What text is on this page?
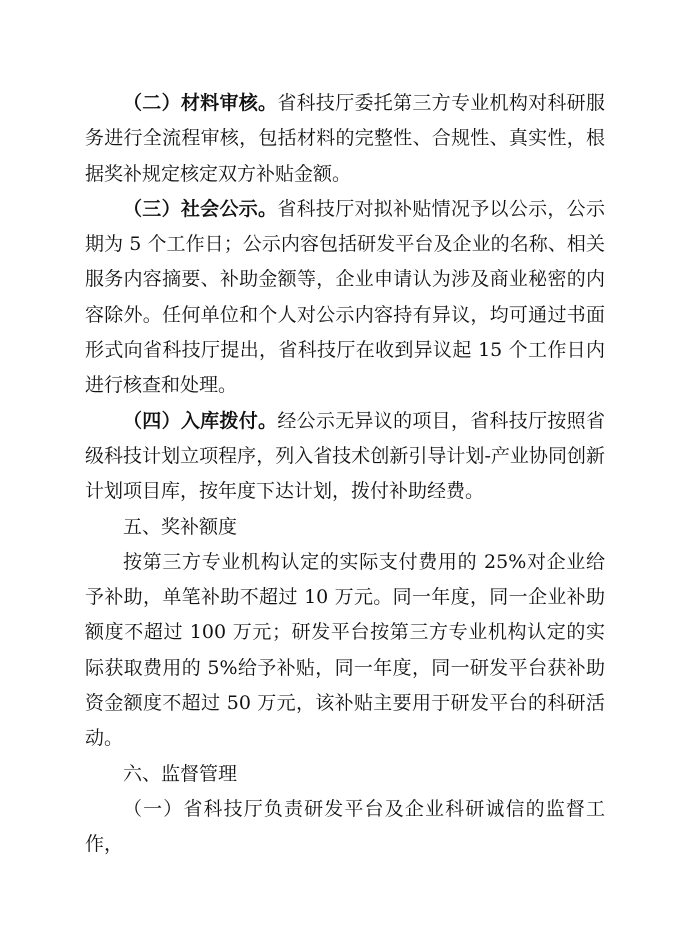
（二）材料审核。省科技厅委托第三方专业机构对科研服务进行全流程审核，包括材料的完整性、合规性、真实性，根据奖补规定核定双方补贴金额。

（三）社会公示。省科技厅对拟补贴情况予以公示，公示期为 5 个工作日；公示内容包括研发平台及企业的名称、相关服务内容摘要、补助金额等，企业申请认为涉及商业秘密的内容除外。任何单位和个人对公示内容持有异议，均可通过书面形式向省科技厅提出，省科技厅在收到异议起 15 个工作日内进行核查和处理。

（四）入库拨付。经公示无异议的项目，省科技厅按照省级科技计划立项程序，列入省技术创新引导计划-产业协同创新计划项目库，按年度下达计划，拨付补助经费。

五、奖补额度

按第三方专业机构认定的实际支付费用的 25%对企业给予补助，单笔补助不超过 10 万元。同一年度，同一企业补助额度不超过 100 万元；研发平台按第三方专业机构认定的实际获取费用的 5%给予补贴，同一年度，同一研发平台获补助资金额度不超过 50 万元，该补贴主要用于研发平台的科研活动。

六、监督管理

（一）省科技厅负责研发平台及企业科研诚信的监督工作，
